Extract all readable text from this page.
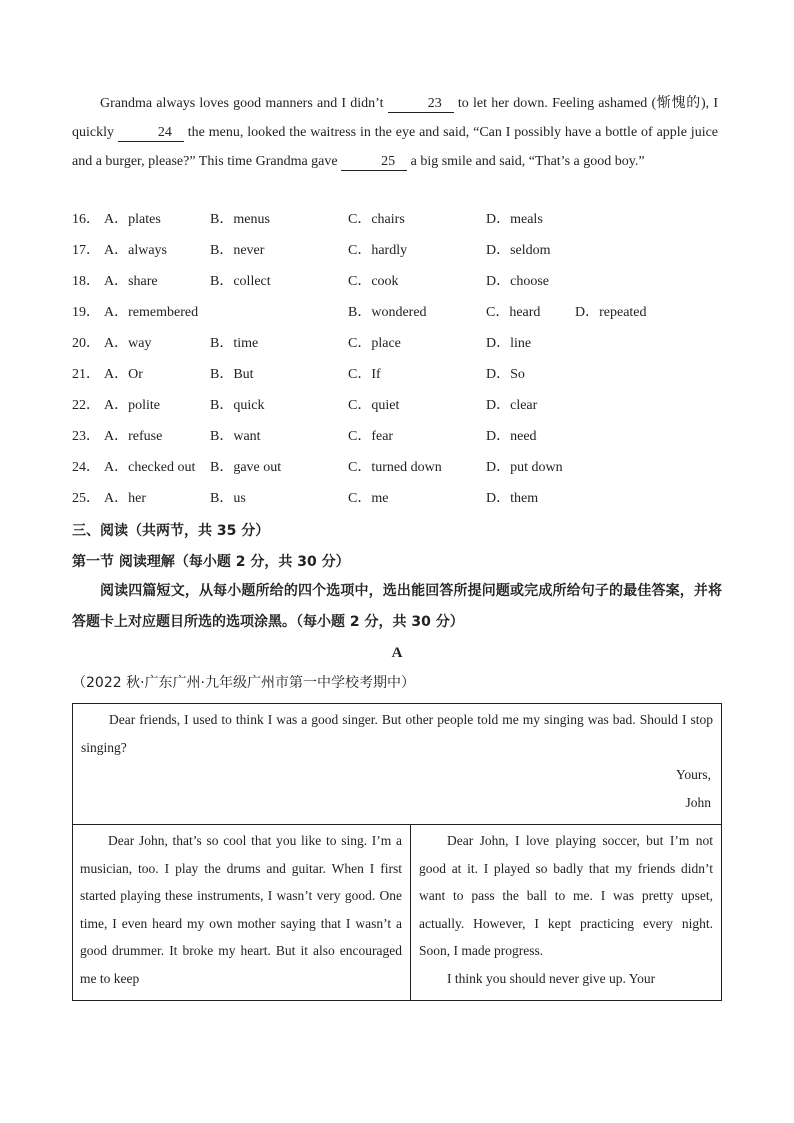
Grandma always loves good manners and I didn’t	23 to let her down. Feeling ashamed (惭愧的), I quickly	24 the menu, looked the waitress in the eye and said, “Can I possibly have a bottle of apple juice and a burger, please?” This time Grandma gave	25 a big smile and said, “That’s a good boy.”
16． A．plates	B．menus	C．chairs	D．meals
17． A．always	B．never	C．hardly	D．seldom
18． A．share	B．collect	C．cook	D．choose
19． A．remembered	B．wondered	C．heard D．repeated
20． A．way	B．time	C．place	D．line
21． A．Or	B．But	C．If	D．So
22． A．polite	B．quick	C．quiet	D．clear
23． A．refuse	B．want	C．fear	D．need
24． A．checked out B．gave out	C．turned down	D．put down
25． A．her	B．us	C．me	D．them
三、阅读（共两节，共 35 分）
第一节 阅读理解（每小题 2 分，共 30 分）
阅读四篇短文，从每小题所给的四个选项中，选出能回答所提问题或完成所给句子的最佳答案，并将答题卡上对应题目所选的选项涂黑。（每小题 2 分，共 30 分）
A
（2022 秋·广东广州·九年级广州市第一中学校考期中）
Dear friends, I used to think I was a good singer. But other people told me my singing was bad. Should I stop singing?
Yours,
John
Dear John, that’s so cool that you like to sing. I’m a musician, too. I play the drums and guitar. When I first started playing these instruments, I wasn’t very good. One time, I even heard my own mother saying that I wasn’t a good drummer. It broke my heart. But it also encouraged me to keep
Dear John, I love playing soccer, but I’m not good at it. I played so badly that my friends didn’t want to pass the ball to me. I was pretty upset, actually. However, I kept practicing every night. Soon, I made progress.
I think you should never give up. Your
